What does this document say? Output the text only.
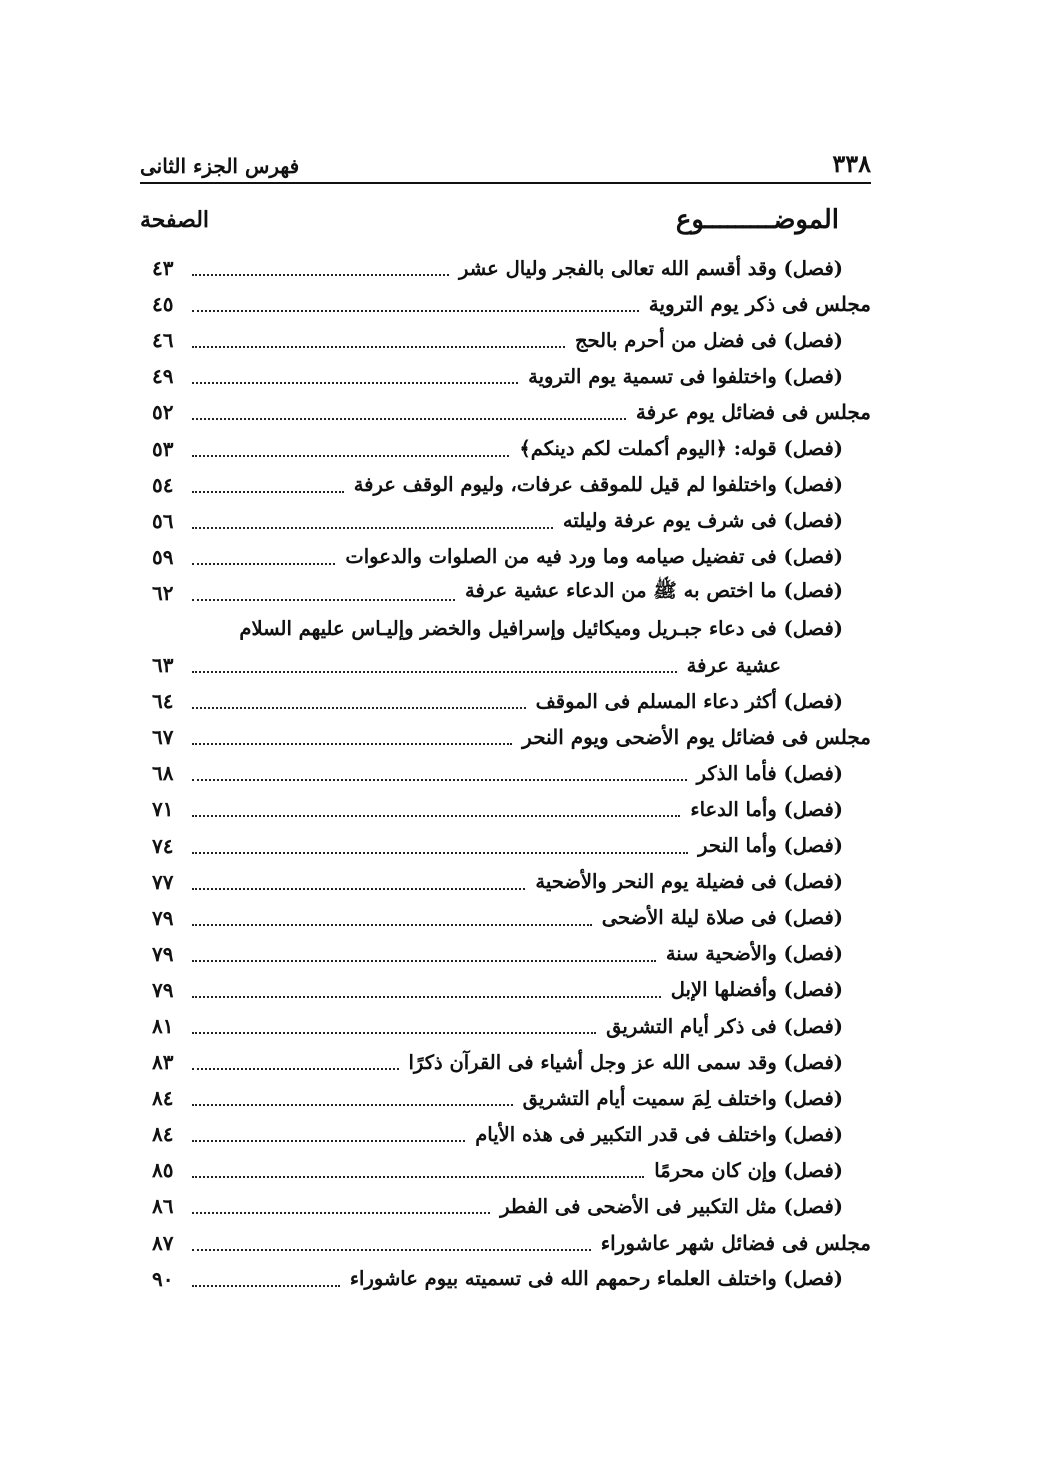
فهرس الجزء الثانى	٣٣٨
الصفحة	الموضـــــــــوع
(فصل) وقد أقسم الله تعالى بالفجر وليال عشر
٤٣
مجلس فى ذكر يوم التروية
٤٥
(فصل) فى فضل من أحرم بالحج
٤٦
(فصل) واختلفوا فى تسمية يوم التروية
٤٩
مجلس فى فضائل يوم عرفة
٥٢
(فصل) قوله: ﴿اليوم أكملت لكم دينكم﴾
٥٣
(فصل) واختلفوا لم قيل للموقف عرفات، وليوم الوقف عرفة
٥٤
(فصل) فى شرف يوم عرفة وليلته
٥٦
(فصل) فى تفضيل صيامه وما ورد فيه من الصلوات والدعوات
٥٩
(فصل) ما اختص به ﷺ من الدعاء عشية عرفة
٦٢
(فصل) فى دعاء جبـريل وميكائيل وإسرافيل والخضر وإليـاس عليهم السلام
عشية عرفة
٦٣
(فصل) أكثر دعاء المسلم فى الموقف
٦٤
مجلس فى فضائل يوم الأضحى ويوم النحر
٦٧
(فصل) فأما الذكر
٦٨
(فصل) وأما الدعاء
٧١
(فصل) وأما النحر
٧٤
(فصل) فى فضيلة يوم النحر والأضحية
٧٧
(فصل) فى صلاة ليلة الأضحى
٧٩
(فصل) والأضحية سنة
٧٩
(فصل) وأفضلها الإبل
٧٩
(فصل) فى ذكر أيام التشريق
٨١
(فصل) وقد سمى الله عز وجل أشياء فى القرآن ذكرًا
٨٣
(فصل) واختلف لِمَ سميت أيام التشريق
٨٤
(فصل) واختلف فى قدر التكبير فى هذه الأيام
٨٤
(فصل) وإن كان محرمًا
٨٥
(فصل) مثل التكبير فى الأضحى فى الفطر
٨٦
مجلس فى فضائل شهر عاشوراء
٨٧
(فصل) واختلف العلماء رحمهم الله فى تسميته بيوم عاشوراء
٩٠
